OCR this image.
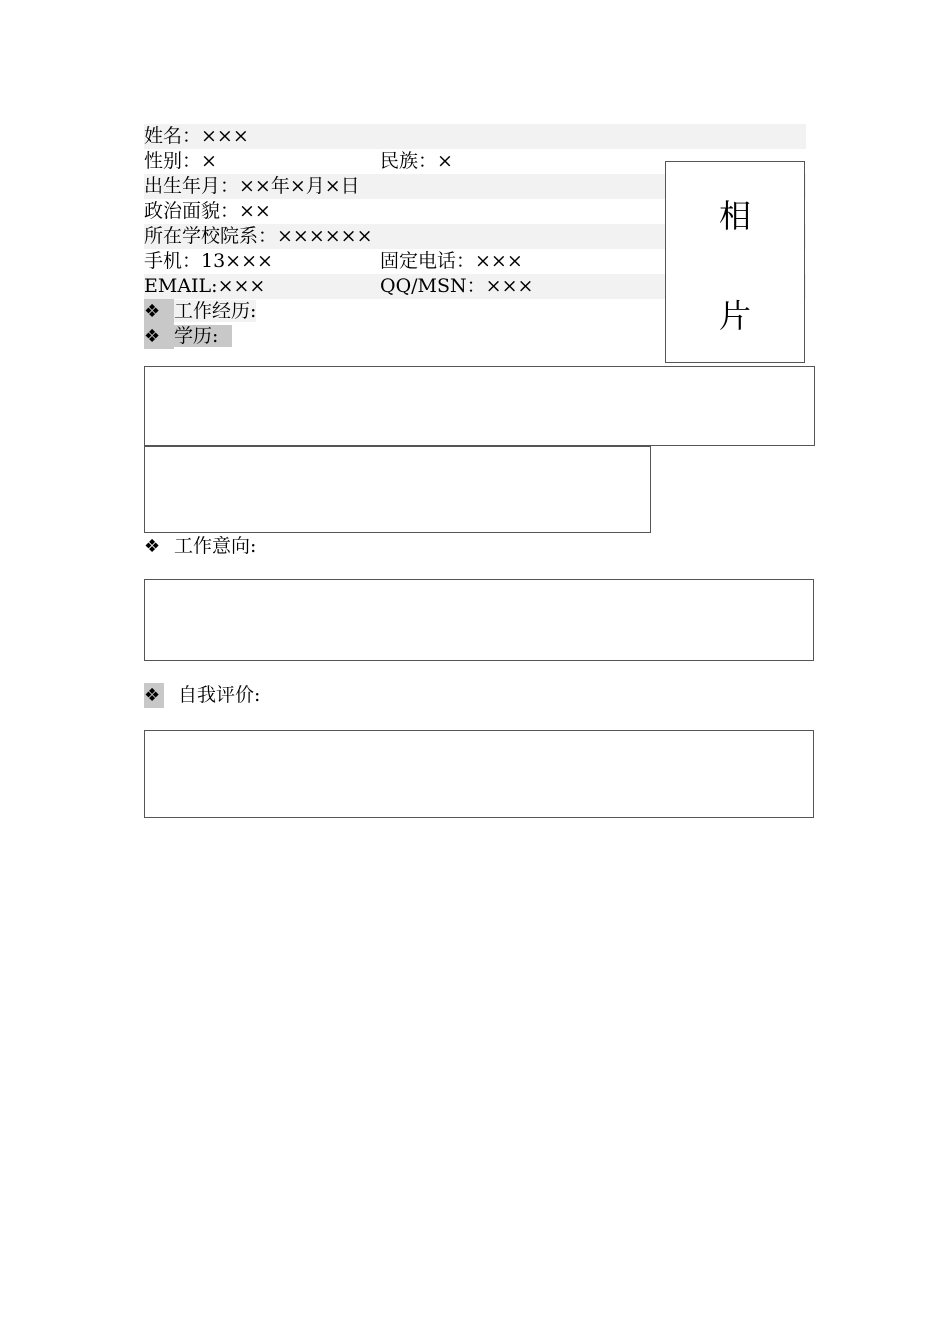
姓名：×××
性别：×	民族：×
出生年月：××年×月×日
政治面貌：××
所在学校院系：××××××
手机：13×××	固定电话：×××
EMAIL:×××	QQ/MSN：×××
❖ 工作经历:
❖ 学历:
相
片
❖ 工作意向:
❖ 自我评价:
